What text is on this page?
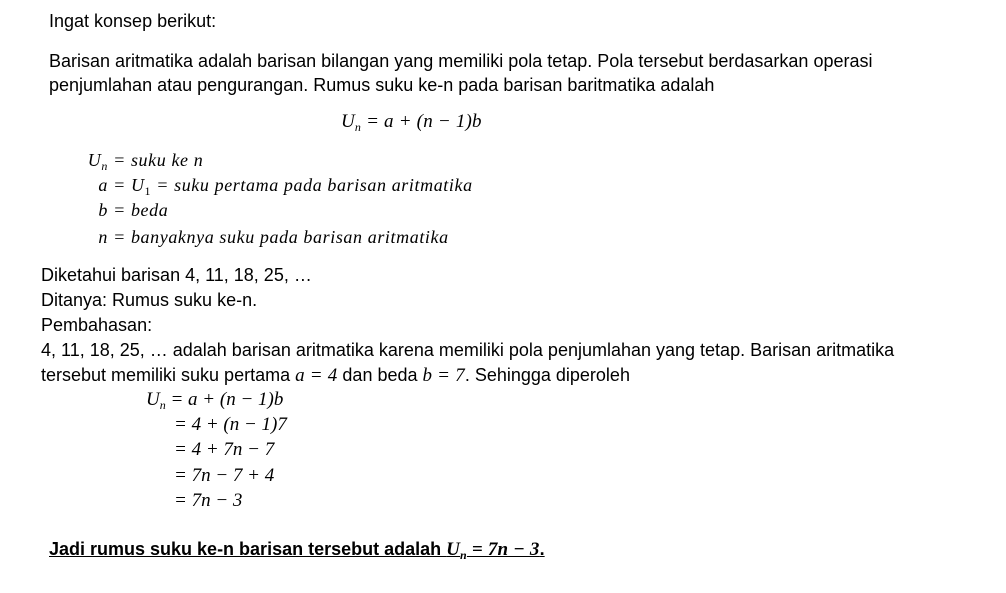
Ingat konsep berikut:
Barisan aritmatika adalah barisan bilangan yang memiliki pola tetap. Pola tersebut berdasarkan operasi
penjumlahan atau pengurangan. Rumus suku ke-n pada barisan baritmatika adalah
$U_n = a + (n - 1)b$
$U_n$ = suku ke n
$a = U_1$ = suku pertama pada barisan aritmatika
b = beda
n = banyaknya suku pada barisan aritmatika
Diketahui barisan 4, 11, 18, 25, …
Ditanya: Rumus suku ke-n.
Pembahasan:
4, 11, 18, 25, … adalah barisan aritmatika karena memiliki pola penjumlahan yang tetap. Barisan aritmatika
tersebut memiliki suku pertama a = 4 dan beda b = 7. Sehingga diperoleh
$U_n = a + (n - 1)b$
= 4 + (n − 1)7
= 4 + 7n − 7
= 7n − 7 + 4
= 7n − 3
Jadi rumus suku ke-n barisan tersebut adalah $U_n = 7n - 3$.
